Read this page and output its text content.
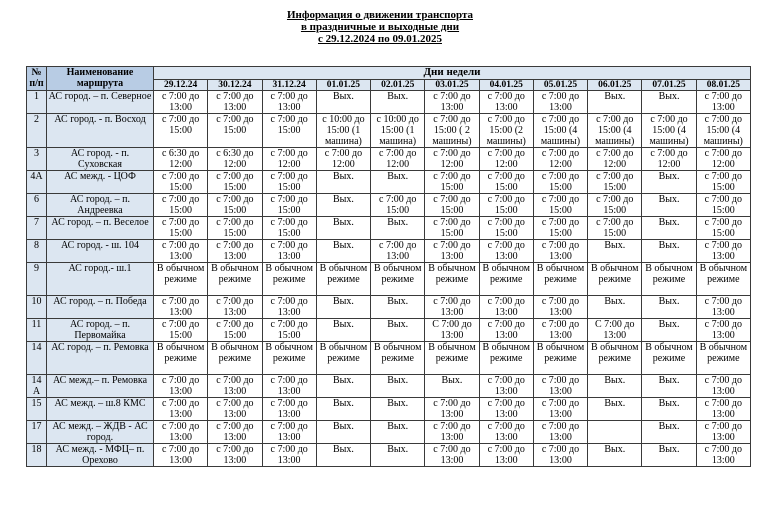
Информация о движении транспорта
в праздничные и выходные дни
с 29.12.2024 по 09.01.2025
№ п/п	Наименование маршрута	Дни недели										
		29.12.24	30.12.24	31.12.24	01.01.25	02.01.25	03.01.25	04.01.25	05.01.25	06.01.25	07.01.25	08.01.25
1	АС город. – п. Северное	с 7:00 до 13:00	с 7:00 до 13:00	с 7:00 до 13:00	Вых.	Вых.	с 7:00 до 13:00	с 7:00 до 13:00	с 7:00 до 13:00	Вых.	Вых.	с 7:00 до 13:00
2	АС город. - п. Восход	с 7:00 до 15:00	с 7:00 до 15:00	с 7:00 до 15:00	с 10:00 до 15:00 (1 машина)	с 10:00 до 15:00 (1 машина)	с 7:00 до 15:00 ( 2 машины)	с 7:00 до 15:00 (2 машины)	с 7:00 до 15:00 (4 машины)	с 7:00 до 15:00 (4 машины)	с 7:00 до 15:00 (4 машины)	с 7:00 до 15:00 (4 машины)
3	АС город. - п. Суховская	с 6:30 до 12:00	с 6:30 до 12:00	с 7:00 до 12:00	с 7:00 до 12:00	с 7:00 до 12:00	с 7:00 до 12:00	с 7:00 до 12:00	с 7:00 до 12:00	с 7:00 до 12:00	с 7:00 до 12:00	с 7:00 до 12:00
4А	АС межд. - ЦОФ	с 7:00 до 15:00	с 7:00 до 15:00	с 7:00 до 15:00	Вых.	Вых.	с 7:00 до 15:00	с 7:00 до 15:00	с 7:00 до 15:00	с 7:00 до 15:00	Вых.	с 7:00 до 15:00
6	АС город. – п. Андреевка	с 7:00 до 15:00	с 7:00 до 15:00	с 7:00 до 15:00	Вых.	с 7:00 до 15:00	с 7:00 до 15:00	с 7:00 до 15:00	с 7:00 до 15:00	с 7:00 до 15:00	Вых.	с 7:00 до 15:00
7	АС город. – п. Веселое	с 7:00 до 15:00	с 7:00 до 15:00	с 7:00 до 15:00	Вых.	Вых.	с 7:00 до 15:00	с 7:00 до 15:00	с 7:00 до 15:00	с 7:00 до 15:00	Вых.	с 7:00 до 15:00
8	АС город. - ш. 104	с 7:00 до 13:00	с 7:00 до 13:00	с 7:00 до 13:00	Вых.	с 7:00 до 13:00	с 7:00 до 13:00	с 7:00 до 13:00	с 7:00 до 13:00	Вых.	Вых.	с 7:00 до 13:00
9	АС город.- ш.1	В обычном режиме	В обычном режиме	В обычном режиме	В обычном режиме	В обычном режиме	В обычном режиме	В обычном режиме	В обычном режиме	В обычном режиме	В обычном режиме	В обычном режиме
10	АС город. – п. Победа	с 7:00 до 13:00	с 7:00 до 13:00	с 7:00 до 13:00	Вых.	Вых.	с 7:00 до 13:00	с 7:00 до 13:00	с 7:00 до 13:00	Вых.	Вых.	с 7:00 до 13:00
11	АС город. – п. Первомайка	с 7:00 до 15:00	с 7:00 до 15:00	с 7:00 до 15:00	Вых.	Вых.	С 7:00 до 13:00	с 7:00 до 13:00	с 7:00 до 13:00	С 7:00 до 13:00	Вых.	с 7:00 до 13:00
14	АС город. – п. Ремовка	В обычном режиме	В обычном режиме	В обычном режиме	В обычном режиме	В обычном режиме	В обычном режиме	В обычном режиме	В обычном режиме	В обычном режиме	В обычном режиме	В обычном режиме
14 А	АС межд.– п. Ремовка	с 7:00 до 13:00	с 7:00 до 13:00	с 7:00 до 13:00	Вых.	Вых.	Вых.	с 7:00 до 13:00	с 7:00 до 13:00	Вых.	Вых.	с 7:00 до 13:00
15	АС межд. – ш.8 КМС	с 7:00 до 13:00	с 7:00 до 13:00	с 7:00 до 13:00	Вых.	Вых.	с 7:00 до 13:00	с 7:00 до 13:00	с 7:00 до 13:00	Вых.	Вых.	с 7:00 до 13:00
17	АС межд. – ЖДВ - АС город.	с 7:00 до 13:00	с 7:00 до 13:00	с 7:00 до 13:00	Вых.	Вых.	с 7:00 до 13:00	с 7:00 до 13:00	с 7:00 до 13:00		Вых.	с 7:00 до 13:00
18	АС межд. - МФЦ– п. Орехово	с 7:00 до 13:00	с 7:00 до 13:00	с 7:00 до 13:00	Вых.	Вых.	с 7:00 до 13:00	с 7:00 до 13:00	с 7:00 до 13:00	Вых.	Вых.	с 7:00 до 13:00
